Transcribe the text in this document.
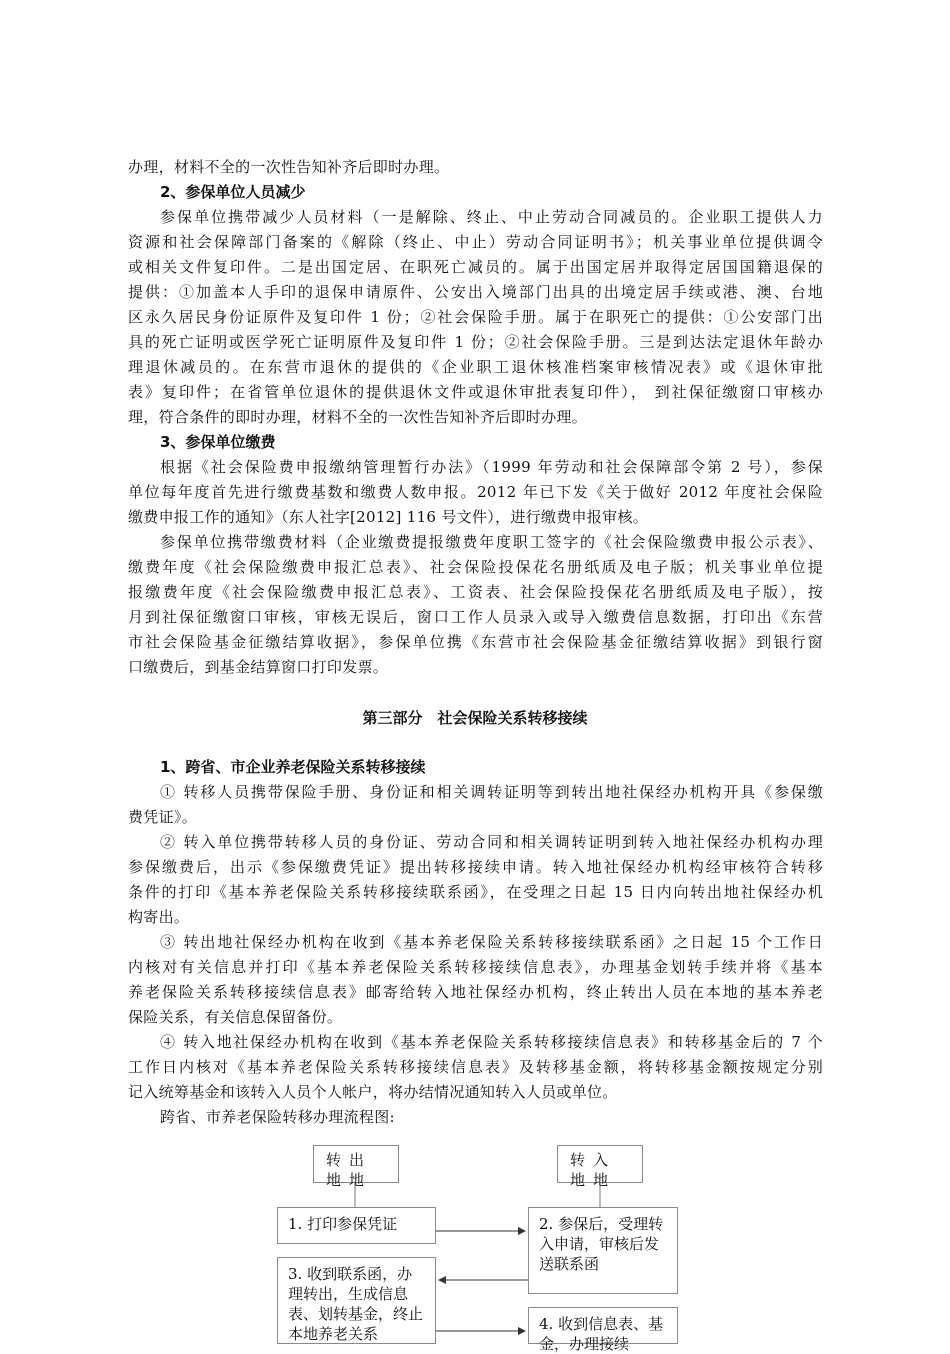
办理，材料不全的一次性告知补齐后即时办理。
2、参保单位人员减少
参保单位携带减少人员材料（一是解除、终止、中止劳动合同减员的。企业职工提供人力
资源和社会保障部门备案的《解除（终止、中止）劳动合同证明书》；机关事业单位提供调令
或相关文件复印件。二是出国定居、在职死亡减员的。属于出国定居并取得定居国国籍退保的
提供：①加盖本人手印的退保申请原件、公安出入境部门出具的出境定居手续或港、澳、台地
区永久居民身份证原件及复印件 1 份；②社会保险手册。属于在职死亡的提供：①公安部门出
具的死亡证明或医学死亡证明原件及复印件 1 份；②社会保险手册。三是到达法定退休年龄办
理退休减员的。在东营市退休的提供的《企业职工退休核准档案审核情况表》或《退休审批
表》复印件；在省管单位退休的提供退休文件或退休审批表复印件）， 到社保征缴窗口审核办
理，符合条件的即时办理，材料不全的一次性告知补齐后即时办理。
3、参保单位缴费
根据《社会保险费申报缴纳管理暂行办法》（1999 年劳动和社会保障部令第 2 号），参保
单位每年度首先进行缴费基数和缴费人数申报。2012 年已下发《关于做好 2012 年度社会保险
缴费申报工作的通知》（东人社字[2012] 116 号文件），进行缴费申报审核。
参保单位携带缴费材料（企业缴费提报缴费年度职工签字的《社会保险缴费申报公示表》、
缴费年度《社会保险缴费申报汇总表》、社会保险投保花名册纸质及电子版；机关事业单位提
报缴费年度《社会保险缴费申报汇总表》、工资表、社会保险投保花名册纸质及电子版），按
月到社保征缴窗口审核，审核无误后，窗口工作人员录入或导入缴费信息数据，打印出《东营
市社会保险基金征缴结算收据》，参保单位携《东营市社会保险基金征缴结算收据》到银行窗
口缴费后，到基金结算窗口打印发票。
第三部分　社会保险关系转移接续
1、跨省、市企业养老保险关系转移接续
① 转移人员携带保险手册、身份证和相关调转证明等到转出地社保经办机构开具《参保缴
费凭证》。
② 转入单位携带转移人员的身份证、劳动合同和相关调转证明到转入地社保经办机构办理
参保缴费后，出示《参保缴费凭证》提出转移接续申请。转入地社保经办机构经审核符合转移
条件的打印《基本养老保险关系转移接续联系函》，在受理之日起 15 日内向转出地社保经办机
构寄出。
③ 转出地社保经办机构在收到《基本养老保险关系转移接续联系函》之日起 15 个工作日
内核对有关信息并打印《基本养老保险关系转移接续信息表》，办理基金划转手续并将《基本
养老保险关系转移接续信息表》邮寄给转入地社保经办机构，终止转出人员在本地的基本养老
保险关系，有关信息保留备份。
④ 转入地社保经办机构在收到《基本养老保险关系转移接续信息表》和转移基金后的 7 个
工作日内核对《基本养老保险关系转移接续信息表》及转移基金额，将转移基金额按规定分别
记入统筹基金和该转入人员个人帐户，将办结情况通知转入人员或单位。
跨省、市养老保险转移办理流程图:
转出地地
转入地地
1. 打印参保凭证	2. 参保后，受理转入申请，审核后发送联系函
3. 收到联系函，办理转出，生成信息表、划转基金，终止本地养老关系
4. 收到信息表、基金，办理接续
